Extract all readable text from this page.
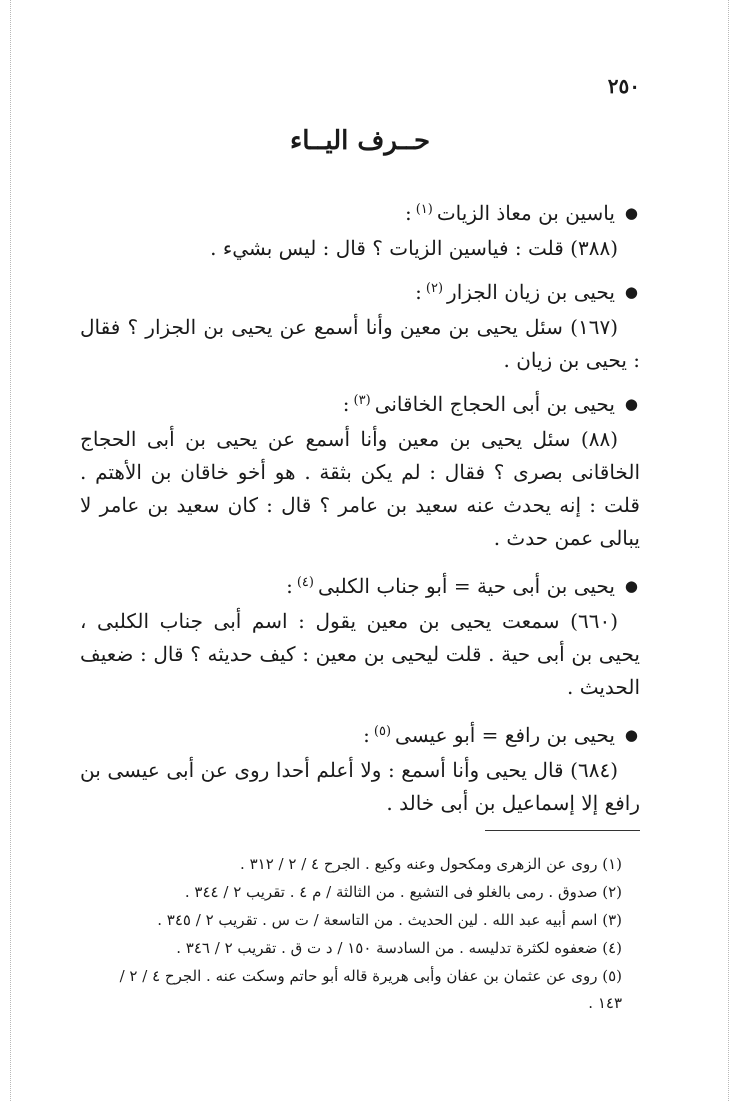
٢٥٠
حــرف اليــاء
●ياسين بن معاذ الزيات$^{(١)}$:

(٣٨٨) قلت : فياسين الزيات ؟ قال : ليس بشيء .

●يحيى بن زيان الجزار$^{(٢)}$:

(١٦٧) سئل يحيى بن معين وأنا أسمع عن يحيى بن الجزار ؟ فقال : يحيى بن زيان .

●يحيى بن أبى الحجاج الخاقانى$^{(٣)}$:

(٨٨) سئل يحيى بن معين وأنا أسمع عن يحيى بن أبى الحجاج الخاقانى بصرى ؟ فقال : لم يكن بثقة . هو أخو خاقان بن الأهتم . قلت : إنه يحدث عنه سعيد بن عامر ؟ قال : كان سعيد بن عامر لا يبالى عمن حدث .

●يحيى بن أبى حية = أبو جناب الكلبى$^{(٤)}$:

(٦٦٠) سمعت يحيى بن معين يقول : اسم أبى جناب الكلبى ، يحيى بن أبى حية . قلت ليحيى بن معين : كيف حديثه ؟ قال : ضعيف الحديث .

●يحيى بن رافع = أبو عيسى$^{(٥)}$:

(٦٨٤) قال يحيى وأنا أسمع : ولا أعلم أحدا روى عن أبى عيسى بن رافع إلا إسماعيل بن أبى خالد .

(١) روى عن الزهرى ومكحول وعنه وكيع . الجرح ٤ / ٢ / ٣١٢ .
(٢) صدوق . رمى بالغلو فى التشيع . من الثالثة / م ٤ . تقريب ٢ / ٣٤٤ .
(٣) اسم أبيه عبد الله . لين الحديث . من التاسعة / ت س . تقريب ٢ / ٣٤٥ .
(٤) ضعفوه لكثرة تدليسه . من السادسة ١٥٠ / د ت ق . تقريب ٢ / ٣٤٦ .
(٥) روى عن عثمان بن عفان وأبى هريرة قاله أبو حاتم وسكت عنه . الجرح ٤ / ٢ /
١٤٣ .
